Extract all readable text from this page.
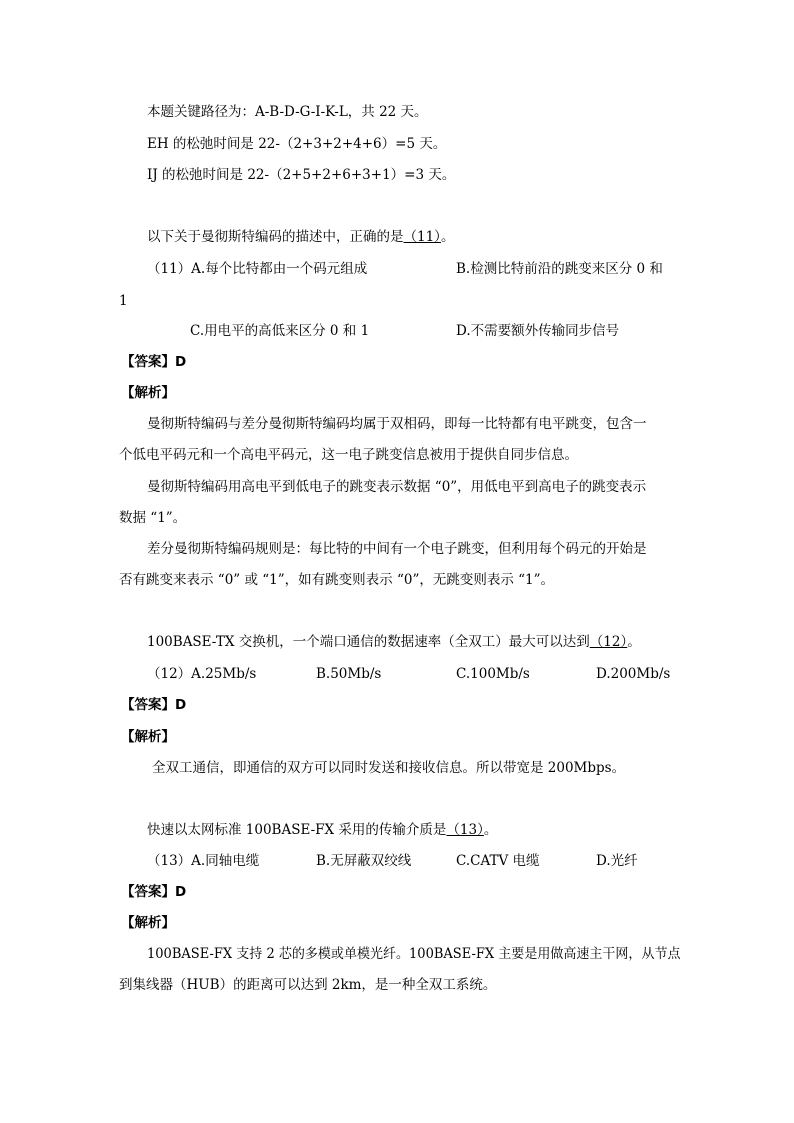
本题关键路径为：A-B-D-G-I-K-L，共 22 天。
EH 的松弛时间是 22-（2+3+2+4+6）=5 天。
IJ 的松弛时间是 22-（2+5+2+6+3+1）=3 天。
以下关于曼彻斯特编码的描述中，正确的是（11）。
（11）A.每个比特都由一个码元组成	B.检测比特前沿的跳变来区分 0 和
1
C.用电平的高低来区分 0 和 1	D.不需要额外传输同步信号
【答案】D
【解析】
曼彻斯特编码与差分曼彻斯特编码均属于双相码，即每一比特都有电平跳变，包含一
个低电平码元和一个高电平码元，这一电子跳变信息被用于提供自同步信息。
曼彻斯特编码用高电平到低电子的跳变表示数据 “0”，用低电平到高电子的跳变表示
数据 “1”。
差分曼彻斯特编码规则是：每比特的中间有一个电子跳变，但利用每个码元的开始是
否有跳变来表示 “0” 或 “1”，如有跳变则表示 “0”，无跳变则表示 “1”。
100BASE-TX 交换机，一个端口通信的数据速率（全双工）最大可以达到（12）。
（12）A.25Mb/s	B.50Mb/s	C.100Mb/s	D.200Mb/s
【答案】D
【解析】
全双工通信，即通信的双方可以同时发送和接收信息。所以带宽是 200Mbps。
快速以太网标准 100BASE-FX 采用的传输介质是（13）。
（13）A.同轴电缆	B.无屏蔽双绞线	C.CATV 电缆	D.光纤
【答案】D
【解析】
100BASE-FX 支持 2 芯的多模或单模光纤。100BASE-FX 主要是用做高速主干网，从节点
到集线器（HUB）的距离可以达到 2km，是一种全双工系统。
